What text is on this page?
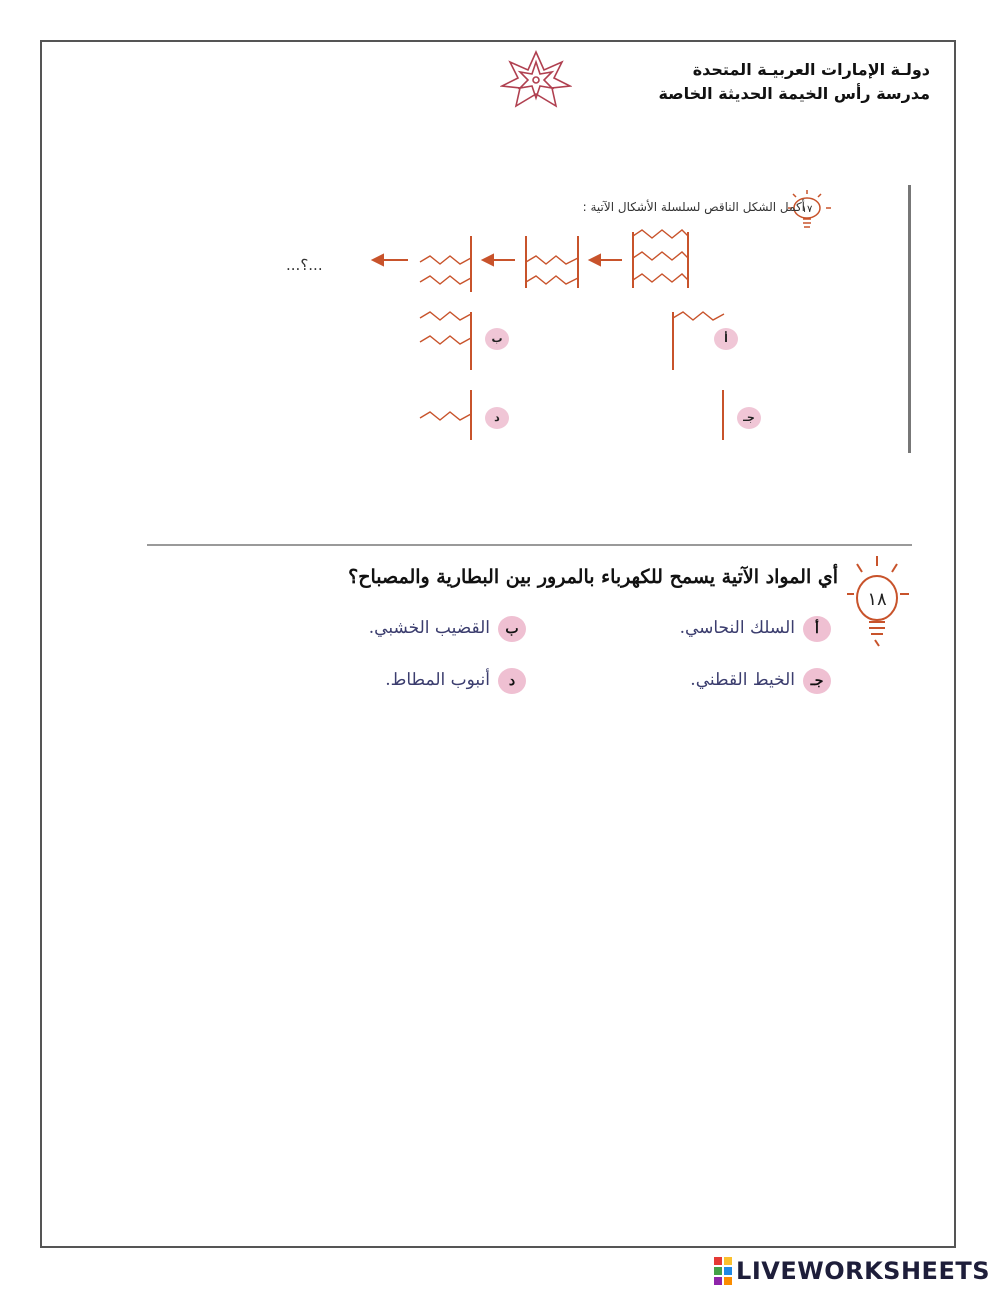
دولـة الإمارات العربيـة المتحدة
مدرسة رأس الخيمة الحديثة الخاصة
١٧
أكمل الشكل الناقص لسلسلة الأشكال الآتية :
...؟...
أ
ب
جـ
د
١٨
أي المواد الآتية يسمح للكهرباء بالمرور بين البطارية والمصباح؟
أ
السلك النحاسي.
ب
القضيب الخشبي.
جـ
الخيط القطني.
د
أنبوب المطاط.
LIVEWORKSHEETS
